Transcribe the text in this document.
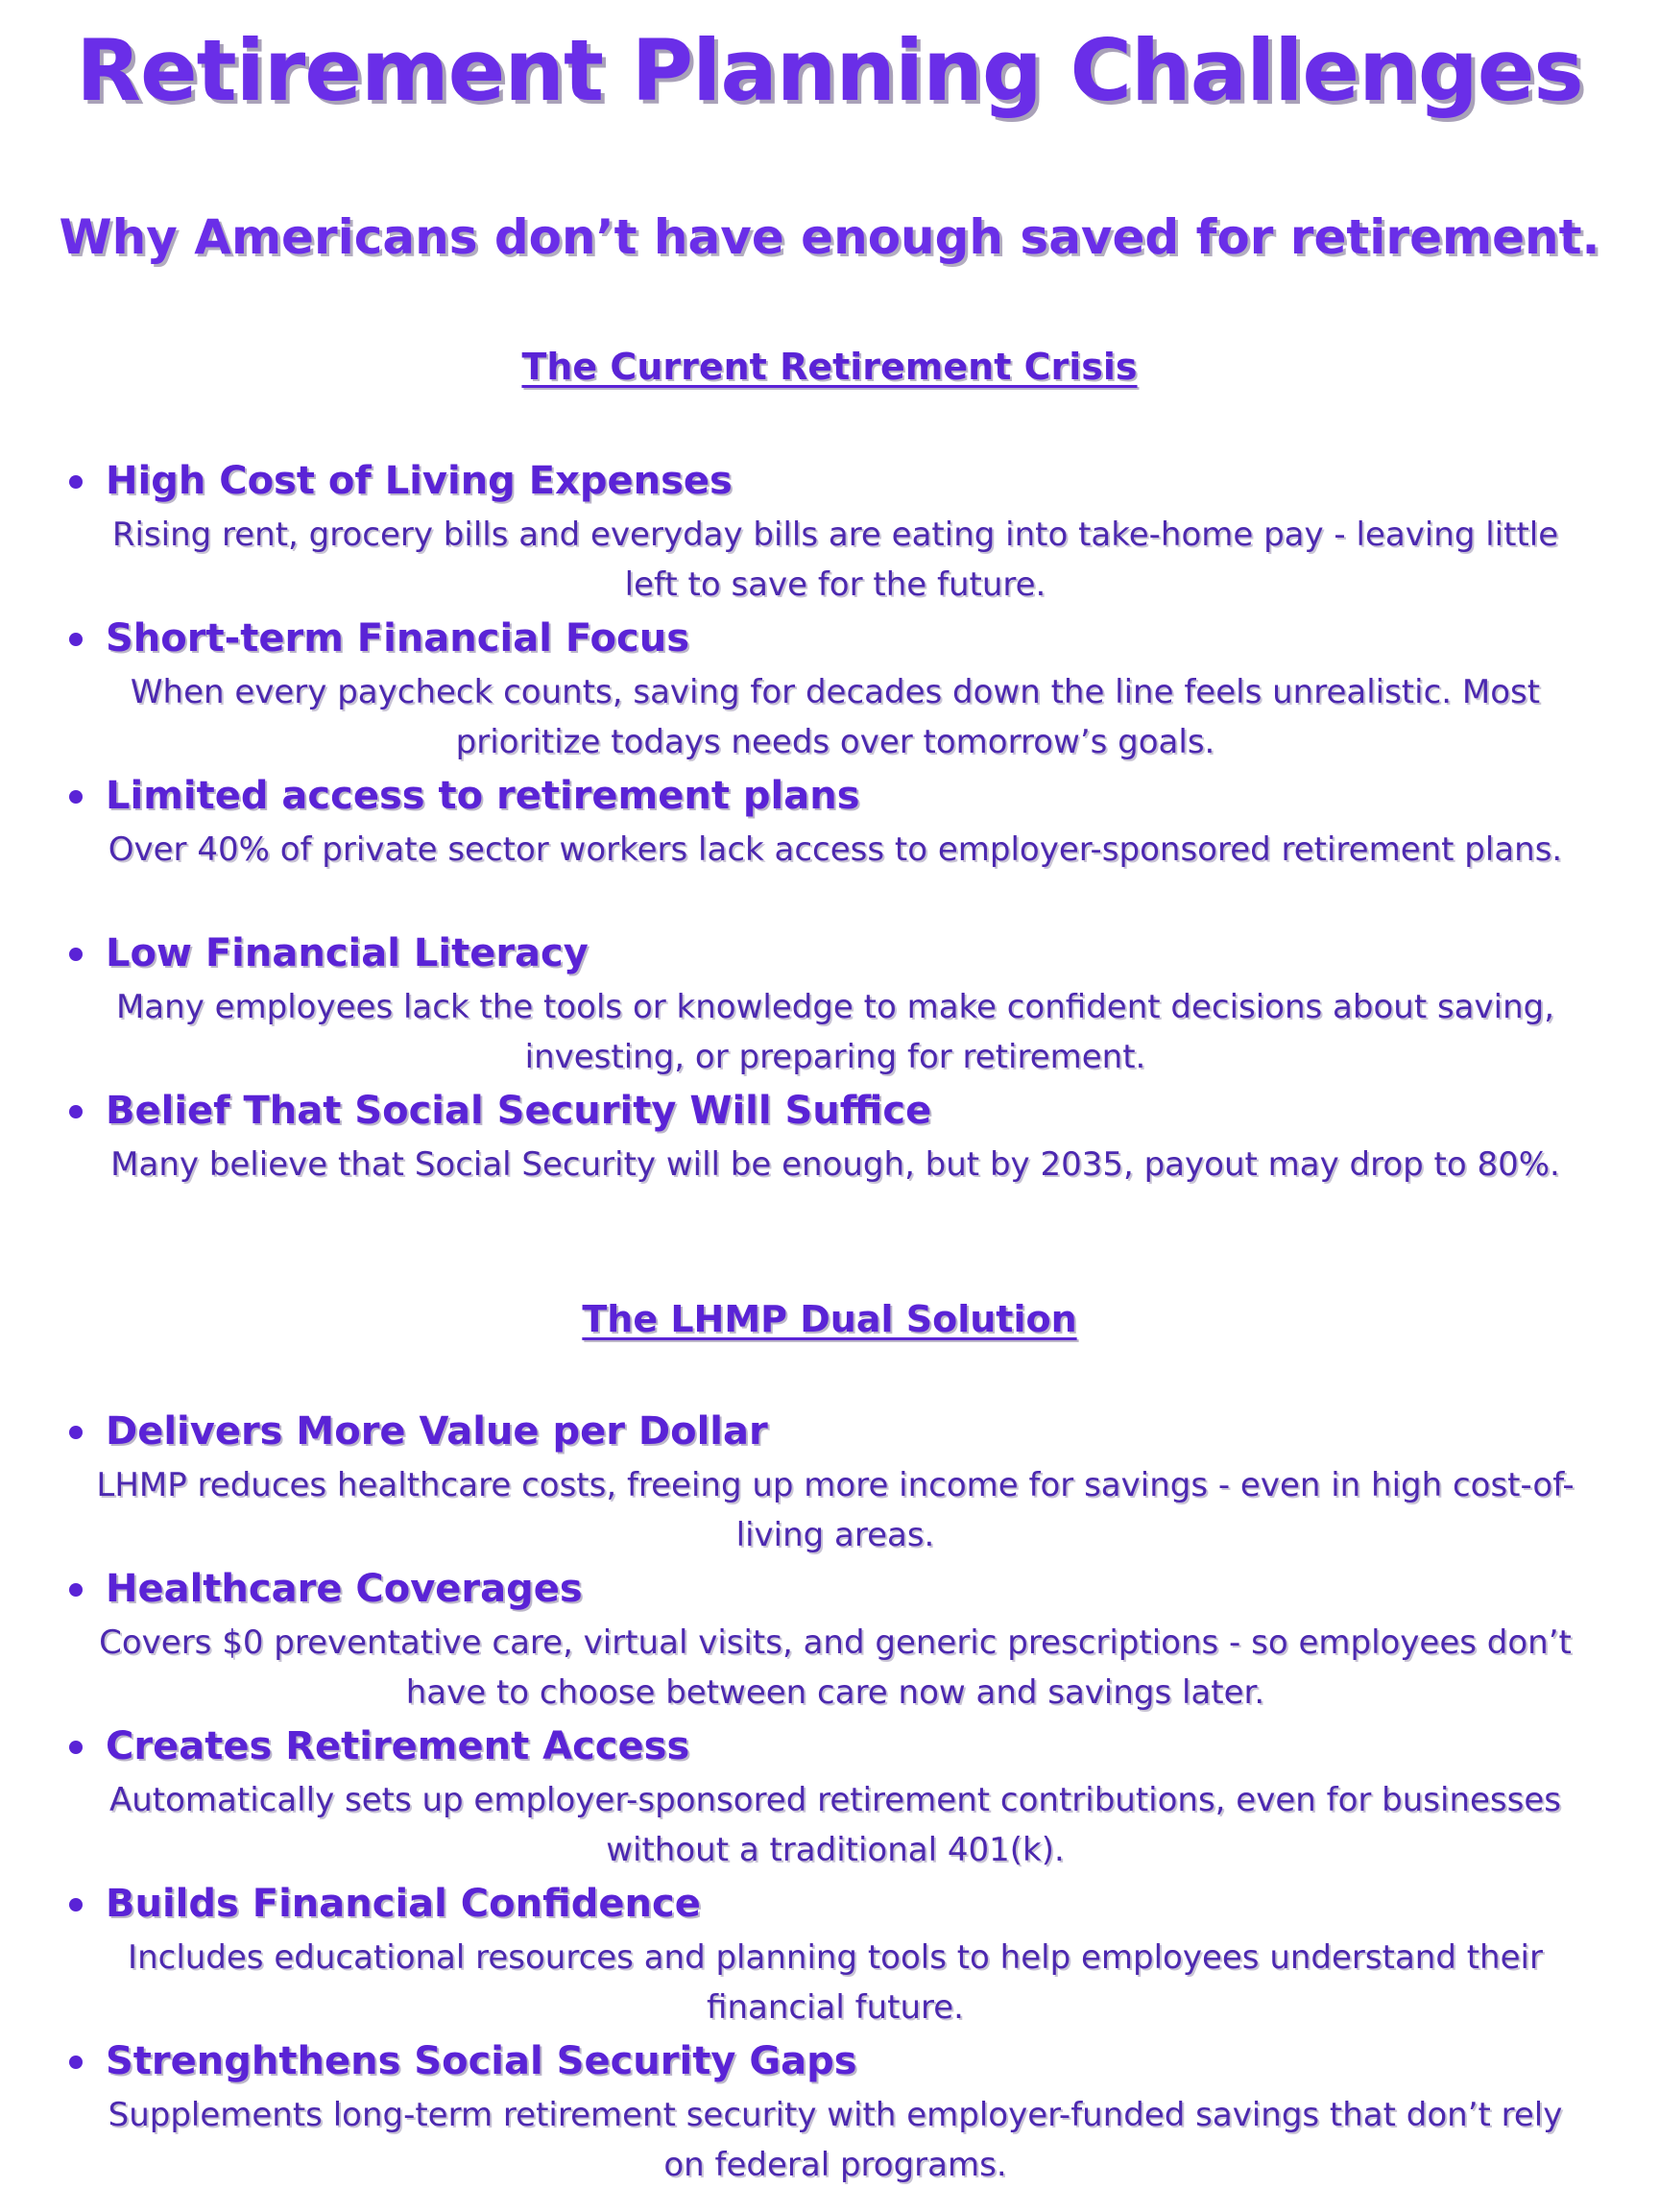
Retirement Planning Challenges
Why Americans don’t have enough saved for retirement.
The Current Retirement Crisis
High Cost of Living Expenses
Rising rent, grocery bills and everyday bills are eating into take-home pay - leaving little left to save for the future.
Short-term Financial Focus
When every paycheck counts, saving for decades down the line feels unrealistic. Most prioritize todays needs over tomorrow’s goals.
Limited access to retirement plans
Over 40% of private sector workers lack access to employer-sponsored retirement plans.
Low Financial Literacy
Many employees lack the tools or knowledge to make confident decisions about saving, investing, or preparing for retirement.
Belief That Social Security Will Suffice
Many believe that Social Security will be enough, but by 2035, payout may drop to 80%.
The LHMP Dual Solution
Delivers More Value per Dollar
LHMP reduces healthcare costs, freeing up more income for savings - even in high cost-of-living areas.
Healthcare Coverages
Covers $0 preventative care, virtual visits, and generic prescriptions - so employees don’t have to choose between care now and savings later.
Creates Retirement Access
Automatically sets up employer-sponsored retirement contributions, even for businesses without a traditional 401(k).
Builds Financial Confidence
Includes educational resources and planning tools to help employees understand their financial future.
Strenghthens Social Security Gaps
Supplements long-term retirement security with employer-funded savings that don’t rely on federal programs.
